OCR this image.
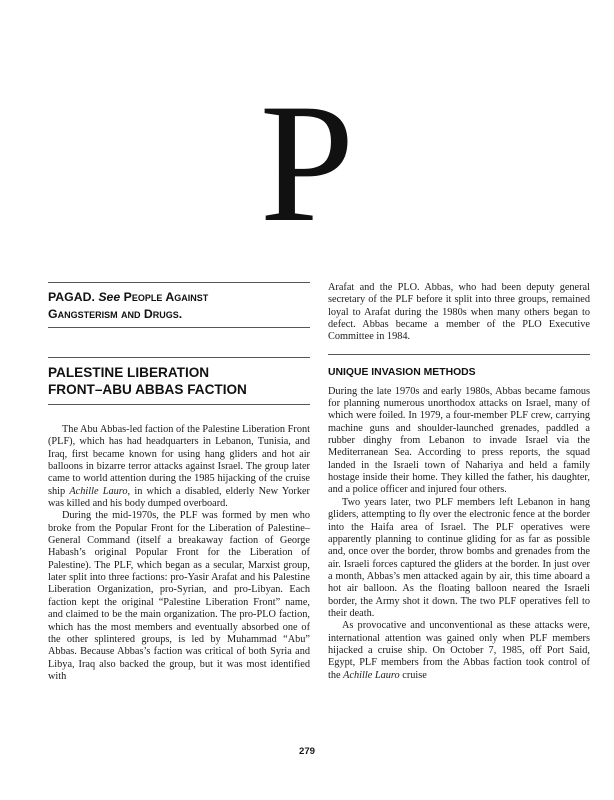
P
PAGAD. See People Against
Gangsterism and Drugs.
PALESTINE LIBERATION
FRONT–ABU ABBAS FACTION

The Abu Abbas-led faction of the Palestine Liberation Front (PLF), which has had headquarters in Lebanon, Tunisia, and Iraq, first became known for using hang gliders and hot air balloons in bizarre terror attacks against Israel. The group later came to world attention during the 1985 hijacking of the cruise ship Achille Lauro, in which a disabled, elderly New Yorker was killed and his body dumped overboard.

During the mid-1970s, the PLF was formed by men who broke from the Popular Front for the Liberation of Palestine–General Command (itself a breakaway faction of George Habash’s original Popular Front for the Liberation of Palestine). The PLF, which began as a secular, Marxist group, later split into three factions: pro-Yasir Arafat and his Palestine Liberation Organization, pro-Syrian, and pro-Libyan. Each faction kept the original “Palestine Liberation Front” name, and claimed to be the main organization. The pro-PLO faction, which has the most members and eventually absorbed one of the other splintered groups, is led by Muhammad “Abu” Abbas. Because Abbas’s faction was critical of both Syria and Libya, Iraq also backed the group, but it was most identified with

Arafat and the PLO. Abbas, who had been deputy general secretary of the PLF before it split into three groups, remained loyal to Arafat during the 1980s when many others began to defect. Abbas became a member of the PLO Executive Committee in 1984.

UNIQUE INVASION METHODS

During the late 1970s and early 1980s, Abbas became famous for planning numerous unorthodox attacks on Israel, many of which were foiled. In 1979, a four-member PLF crew, carrying machine guns and shoulder-launched grenades, paddled a rubber dinghy from Lebanon to invade Israel via the Mediterranean Sea. According to press reports, the squad landed in the Israeli town of Nahariya and held a family hostage inside their home. They killed the father, his daughter, and a police officer and injured four others.

Two years later, two PLF members left Lebanon in hang gliders, attempting to fly over the electronic fence at the border into the Haifa area of Israel. The PLF operatives were apparently planning to continue gliding for as far as possible and, once over the border, throw bombs and grenades from the air. Israeli forces captured the gliders at the border. In just over a month, Abbas’s men attacked again by air, this time aboard a hot air balloon. As the floating balloon neared the Israeli border, the Army shot it down. The two PLF operatives fell to their death.

As provocative and unconventional as these attacks were, international attention was gained only when PLF members hijacked a cruise ship. On October 7, 1985, off Port Said, Egypt, PLF members from the Abbas faction took control of the Achille Lauro cruise

279
